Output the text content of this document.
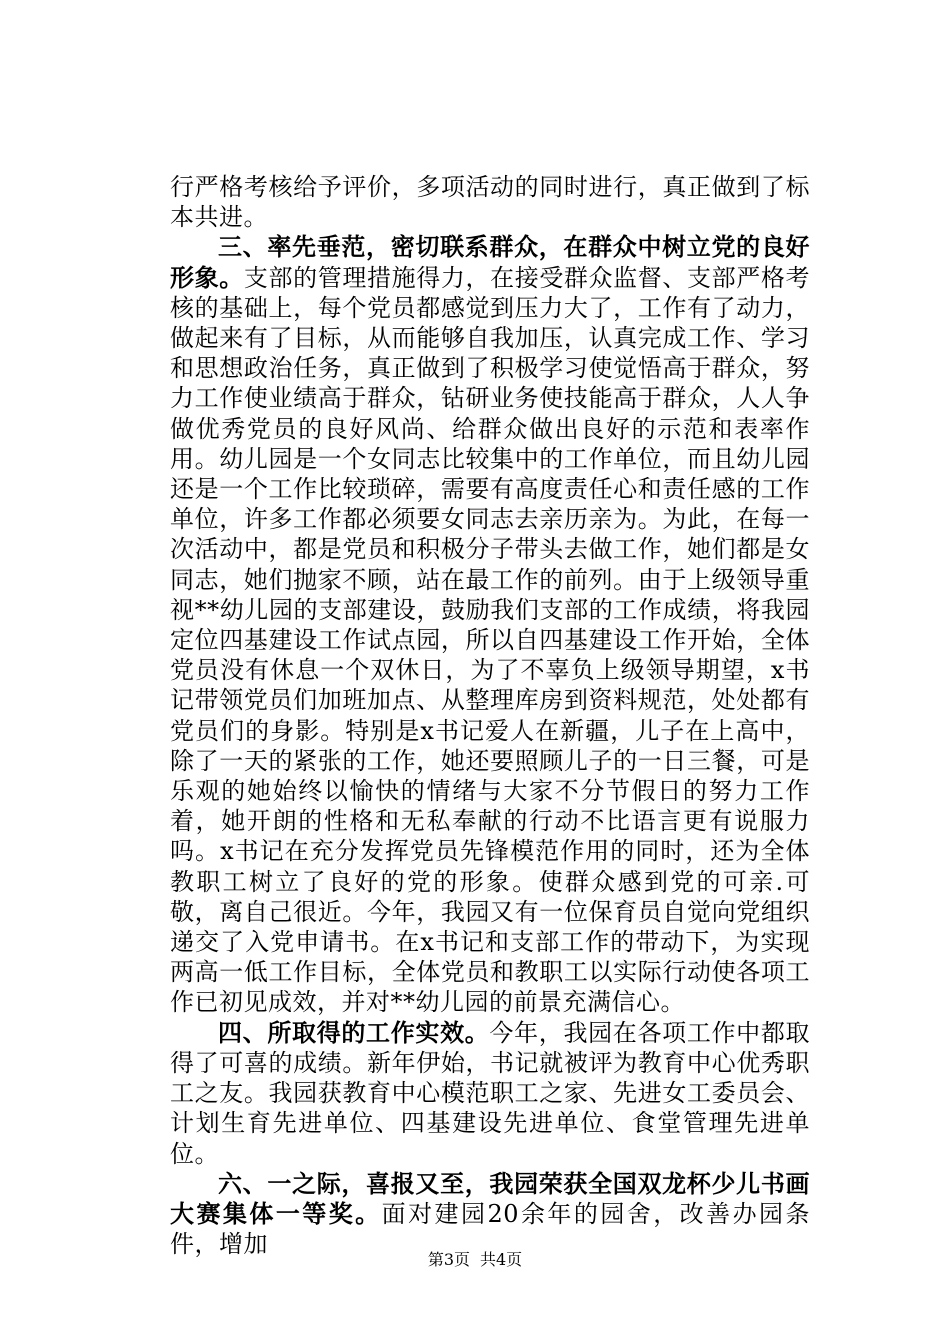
行严格考核给予评价，多项活动的同时进行，真正做到了标本共进。

三、率先垂范，密切联系群众，在群众中树立党的良好形象。支部的管理措施得力，在接受群众监督、支部严格考核的基础上，每个党员都感觉到压力大了，工作有了动力，做起来有了目标，从而能够自我加压，认真完成工作、学习和思想政治任务，真正做到了积极学习使觉悟高于群众，努力工作使业绩高于群众，钻研业务使技能高于群众，人人争做优秀党员的良好风尚、给群众做出良好的示范和表率作用。幼儿园是一个女同志比较集中的工作单位，而且幼儿园还是一个工作比较琐碎，需要有高度责任心和责任感的工作单位，许多工作都必须要女同志去亲历亲为。为此，在每一次活动中，都是党员和积极分子带头去做工作，她们都是女同志，她们抛家不顾，站在最工作的前列。由于上级领导重视**幼儿园的支部建设，鼓励我们支部的工作成绩，将我园定位四基建设工作试点园，所以自四基建设工作开始，全体党员没有休息一个双休日，为了不辜负上级领导期望，x书记带领党员们加班加点、从整理库房到资料规范，处处都有党员们的身影。特别是x书记爱人在新疆，儿子在上高中，除了一天的紧张的工作，她还要照顾儿子的一日三餐，可是乐观的她始终以愉快的情绪与大家不分节假日的努力工作着，她开朗的性格和无私奉献的行动不比语言更有说服力吗。x书记在充分发挥党员先锋模范作用的同时，还为全体教职工树立了良好的党的形象。使群众感到党的可亲.可敬，离自己很近。今年，我园又有一位保育员自觉向党组织递交了入党申请书。在x书记和支部工作的带动下，为实现两高一低工作目标，全体党员和教职工以实际行动使各项工作已初见成效，并对**幼儿园的前景充满信心。

四、所取得的工作实效。今年，我园在各项工作中都取得了可喜的成绩。新年伊始，书记就被评为教育中心优秀职工之友。我园获教育中心模范职工之家、先进女工委员会、计划生育先进单位、四基建设先进单位、食堂管理先进单位。

六、一之际，喜报又至，我园荣获全国双龙杯少儿书画大赛集体一等奖。面对建园20余年的园舍，改善办园条件，增加

第3页 共4页
